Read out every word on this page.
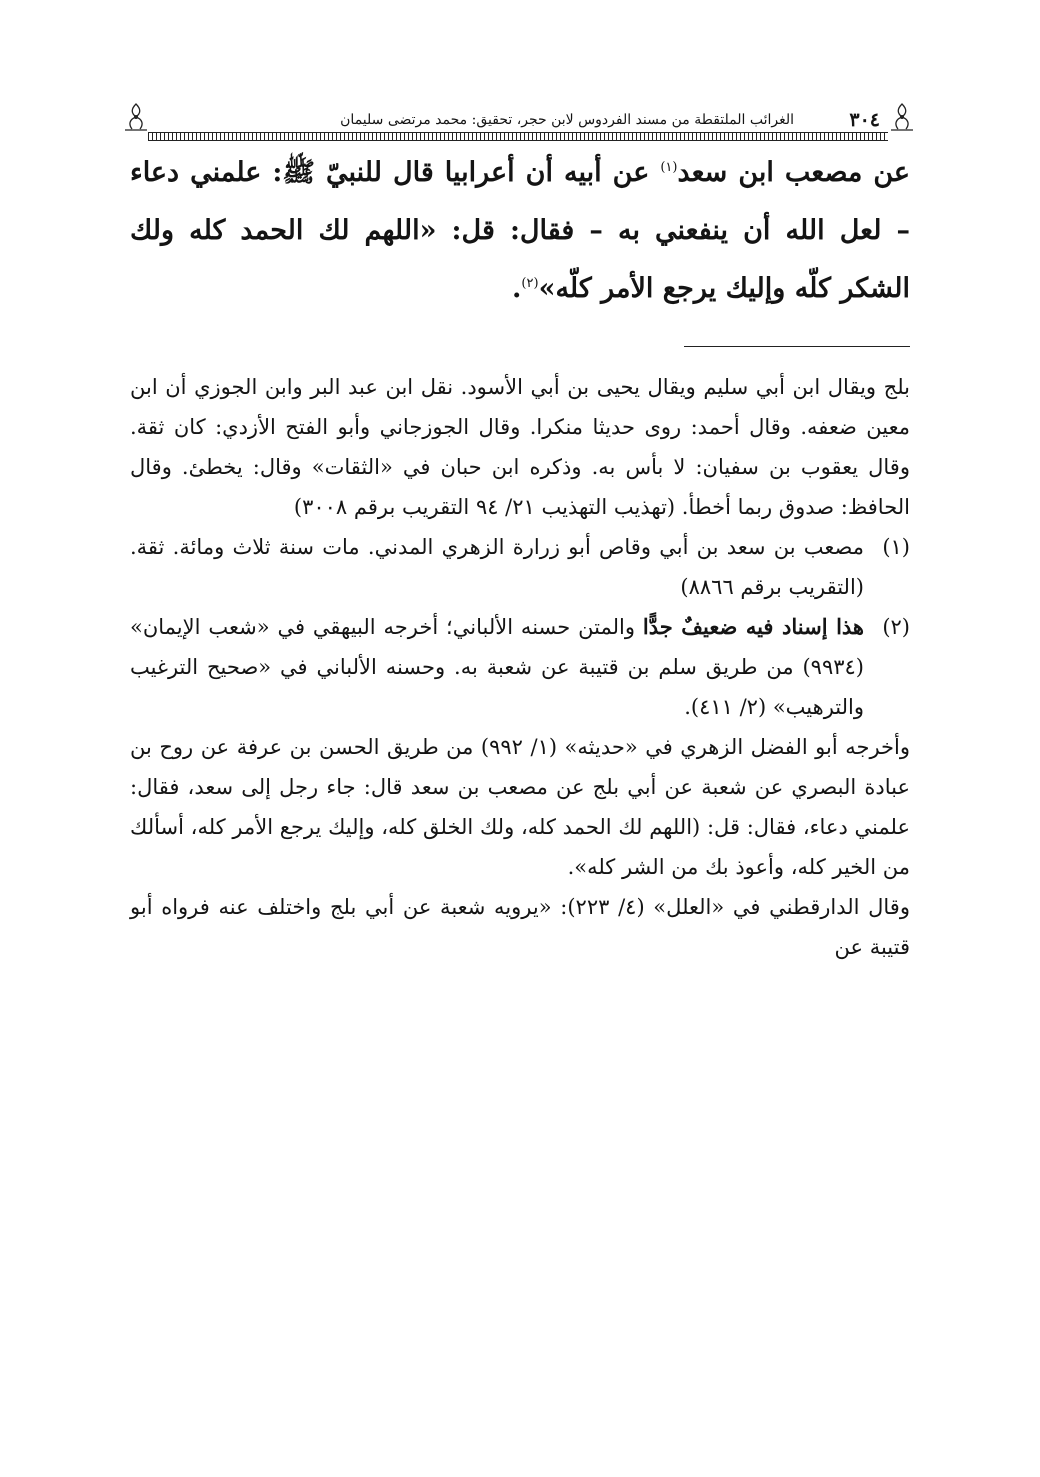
٣٠٤
الغرائب الملتقطة من مسند الفردوس لابن حجر، تحقيق: محمد مرتضى سليمان

عن مصعب ابن سعد$^{(١)}$ عن أبيه أن أعرابيا قال للنبيّ ﷺ: علمني دعاء – لعل الله أن ينفعني به – فقال: قل: «اللهم لك الحمد كله ولك الشكر كلّه وإليك يرجع الأمر كلّه»$^{(٢)}$.

بلج ويقال ابن أبي سليم ويقال يحيى بن أبي الأسود. نقل ابن عبد البر وابن الجوزي أن ابن معين ضعفه. وقال أحمد: روى حديثا منكرا. وقال الجوزجاني وأبو الفتح الأزدي: كان ثقة. وقال يعقوب بن سفيان: لا بأس به. وذكره ابن حبان في «الثقات» وقال: يخطئ. وقال الحافظ: صدوق ربما أخطأ. (تهذيب التهذيب ٢١/ ٩٤ التقريب برقم ٣٠٠٨)

(١)
مصعب بن سعد بن أبي وقاص أبو زرارة الزهري المدني. مات سنة ثلاث ومائة. ثقة. (التقريب برقم ٨٨٦٦)
(٢)
هذا إسناد فيه ضعيفٌ جدًّا والمتن حسنه الألباني؛ أخرجه البيهقي في «شعب الإيمان» (٩٩٣٤) من طريق سلم بن قتيبة عن شعبة به. وحسنه الألباني في «صحيح الترغيب والترهيب» (٢/ ٤١١).

وأخرجه أبو الفضل الزهري في «حديثه» (١/ ٩٩٢) من طريق الحسن بن عرفة عن روح بن عبادة البصري عن شعبة عن أبي بلج عن مصعب بن سعد قال: جاء رجل إلى سعد، فقال: علمني دعاء، فقال: قل: (اللهم لك الحمد كله، ولك الخلق كله، وإليك يرجع الأمر كله، أسألك من الخير كله، وأعوذ بك من الشر كله».

وقال الدارقطني في «العلل» (٤/ ٢٢٣): «يرويه شعبة عن أبي بلج واختلف عنه فرواه أبو قتيبة عن
